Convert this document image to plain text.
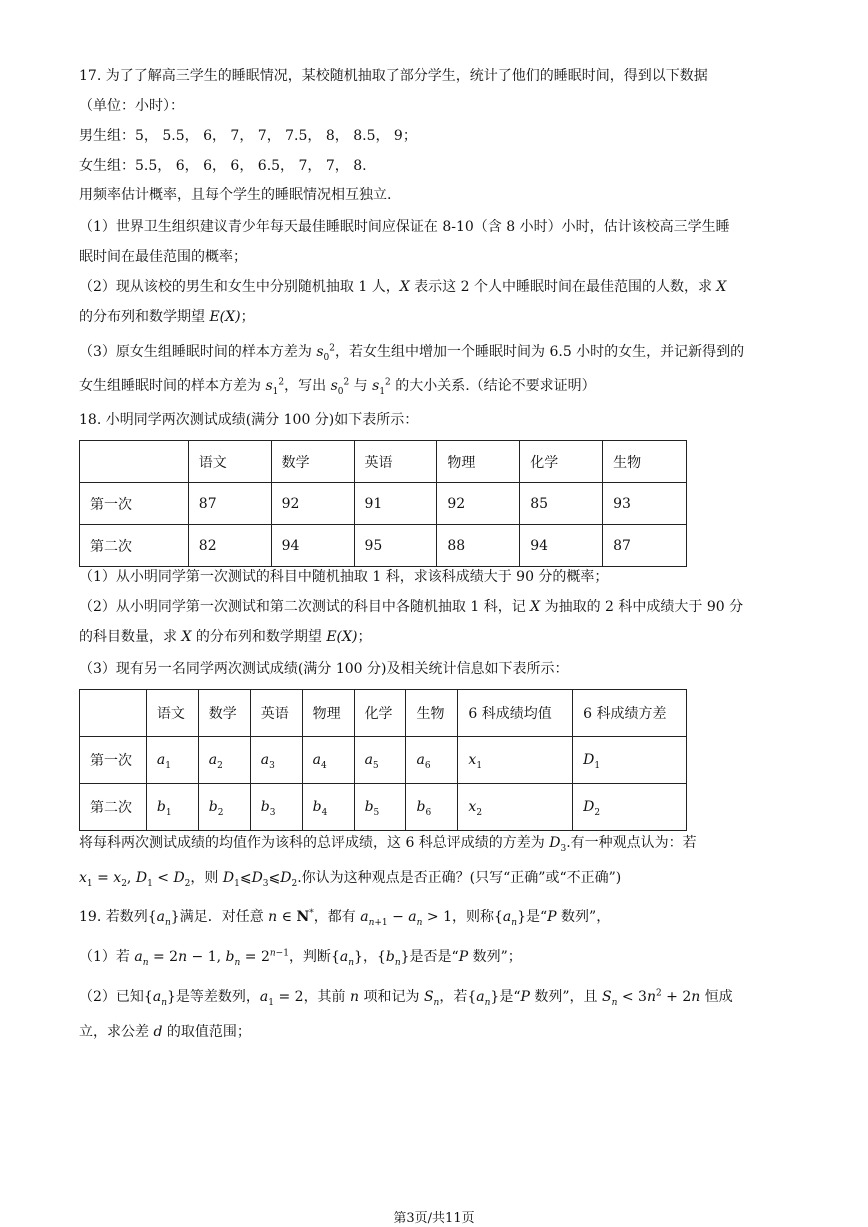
17. 为了了解高三学生的睡眠情况，某校随机抽取了部分学生，统计了他们的睡眠时间，得到以下数据
（单位：小时）：
男生组：5， 5.5， 6， 7， 7， 7.5， 8， 8.5， 9；
女生组：5.5， 6， 6， 6， 6.5， 7， 7， 8.
用频率估计概率，且每个学生的睡眠情况相互独立.
（1）世界卫生组织建议青少年每天最佳睡眠时间应保证在 8-10（含 8 小时）小时，估计该校高三学生睡
眠时间在最佳范围的概率；
（2）现从该校的男生和女生中分别随机抽取 1 人，X 表示这 2 个人中睡眠时间在最佳范围的人数，求 X
的分布列和数学期望 E(X)；
（3）原女生组睡眠时间的样本方差为 $s_0^2$，若女生组中增加一个睡眠时间为 6.5 小时的女生，并记新得到的
女生组睡眠时间的样本方差为 $s_1^2$，写出 $s_0^2$ 与 $s_1^2$ 的大小关系.（结论不要求证明）
18. 小明同学两次测试成绩(满分 100 分)如下表所示：
	语文	数学	英语	物理	化学	生物
第一次	87	92	91	92	85	93
第二次	82	94	95	88	94	87
（1）从小明同学第一次测试的科目中随机抽取 1 科，求该科成绩大于 90 分的概率；
（2）从小明同学第一次测试和第二次测试的科目中各随机抽取 1 科，记 X 为抽取的 2 科中成绩大于 90 分
的科目数量，求 X 的分布列和数学期望 E(X)；
（3）现有另一名同学两次测试成绩(满分 100 分)及相关统计信息如下表所示：
	语文	数学	英语	物理	化学	生物	6 科成绩均值	6 科成绩方差
第一次	$a_1$	$a_2$	$a_3$	$a_4$	$a_5$	$a_6$	$x_1$	$D_1$
第二次	$b_1$	$b_2$	$b_3$	$b_4$	$b_5$	$b_6$	$x_2$	$D_2$
将每科两次测试成绩的均值作为该科的总评成绩，这 6 科总评成绩的方差为 $D_3$.有一种观点认为：若
$x_1 = x_2$, $D_1 < D_2$，则 $D_1⩽D_3⩽D_2$.你认为这种观点是否正确？(只写“正确”或“不正确”)
19. 若数列$\{a_n\}$满足．对任意 n ∈ N*，都有 $a_{n+1} - a_n > 1$，则称$\{a_n\}$是“P 数列”，
（1）若 $a_n = 2n - 1$, $b_n = 2^{n-1}$，判断$\{a_n\}$，$\{b_n\}$是否是“P 数列”；
（2）已知$\{a_n\}$是等差数列，$a_1 = 2$，其前 n 项和记为 $S_n$，若$\{a_n\}$是“P 数列”，且 $S_n < 3n^2 + 2n$ 恒成
立，求公差 d 的取值范围；
第3页/共11页
